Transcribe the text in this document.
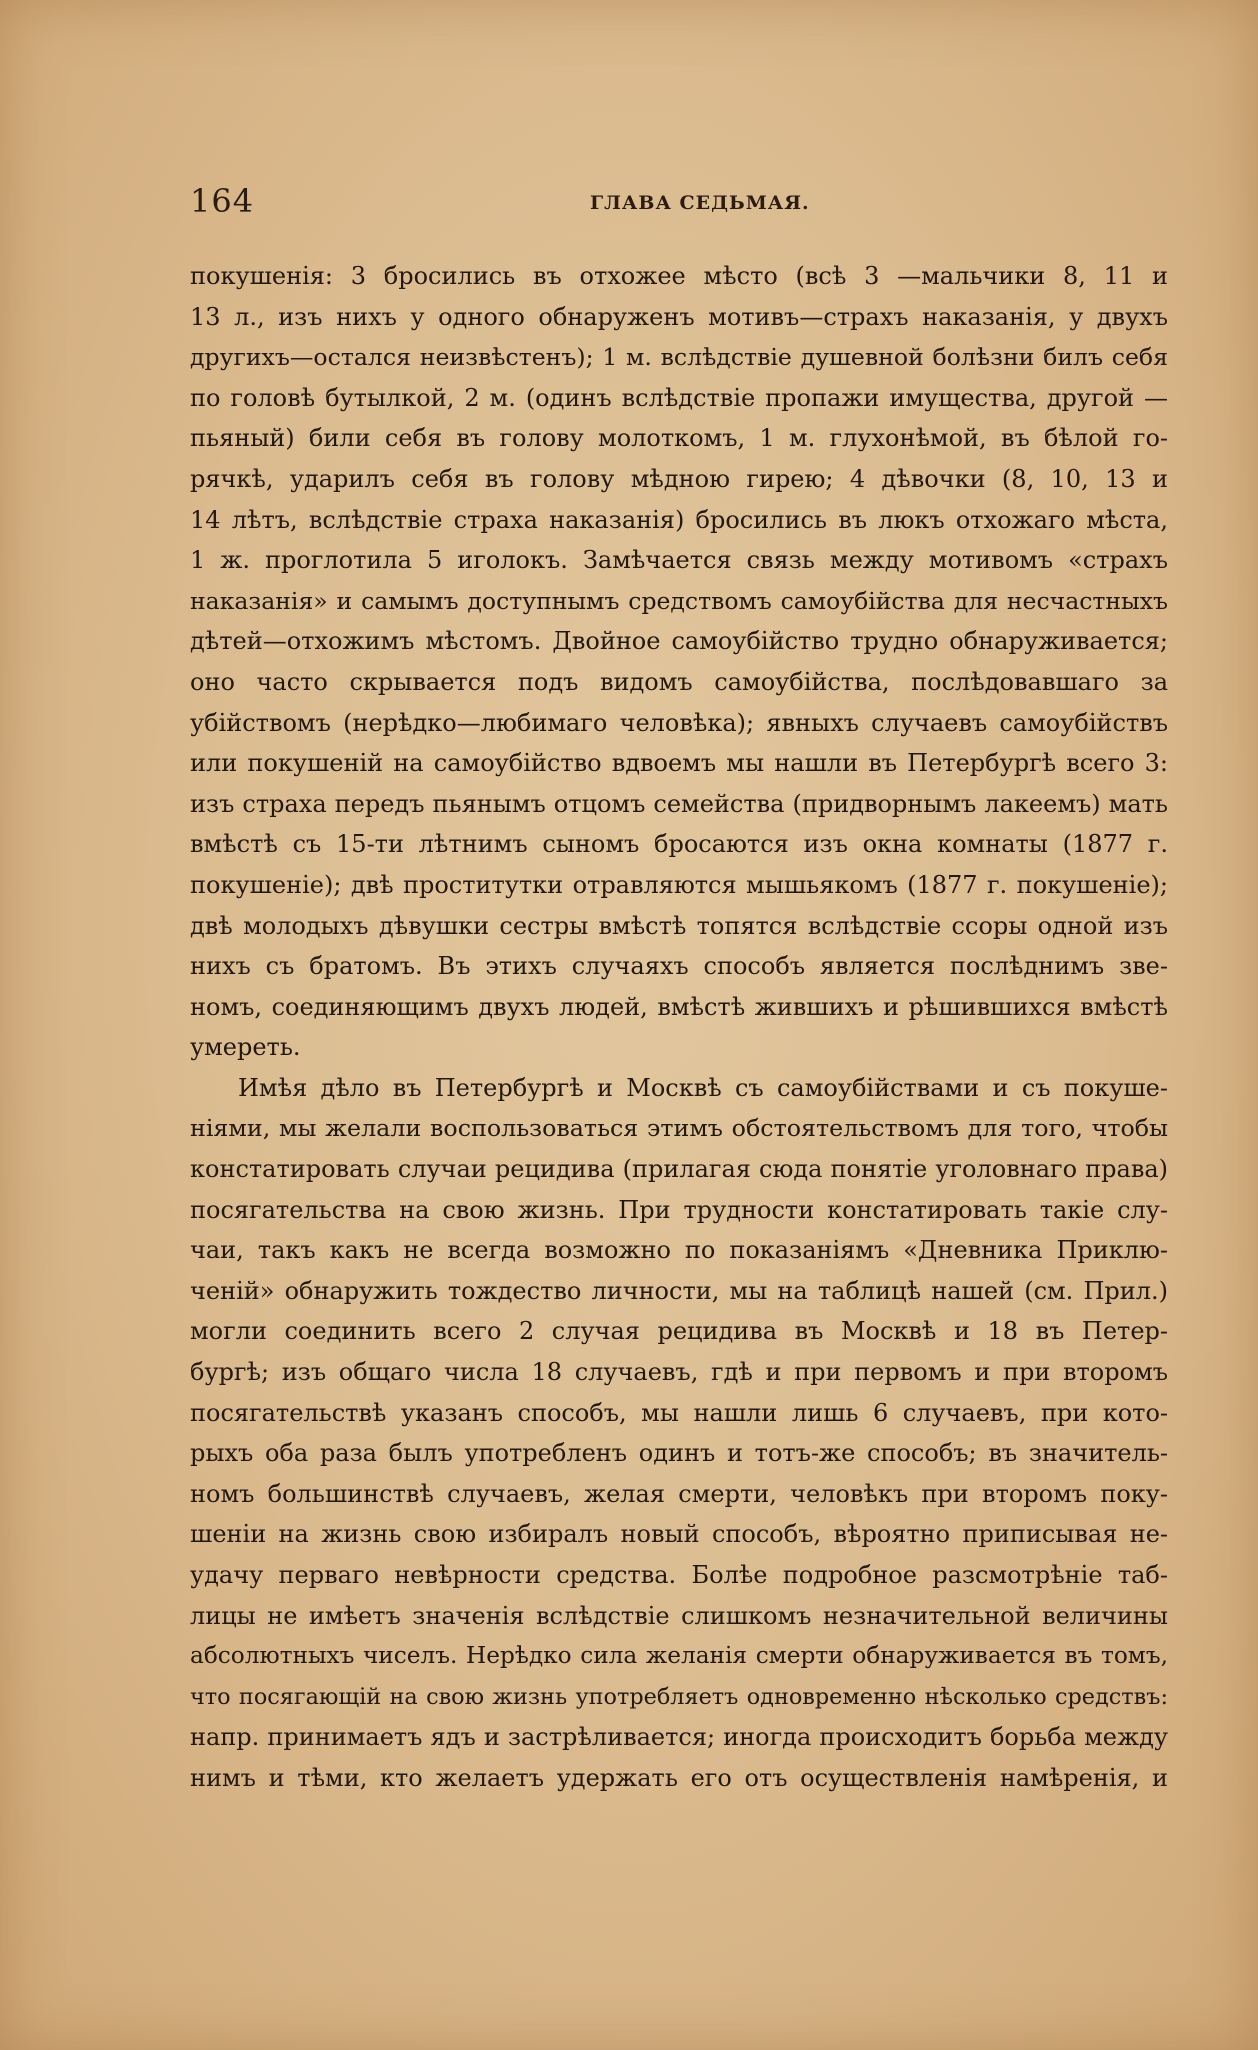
164	ГЛАВА СЕДЬМАЯ.
покушенія: 3 бросились въ отхожее мѣсто (всѣ 3 —мальчики 8, 11 и
13 л., изъ нихъ у одного обнаруженъ мотивъ—страхъ наказанія, у двухъ
другихъ—остался неизвѣстенъ); 1 м. вслѣдствіе душевной болѣзни билъ себя
по головѣ бутылкой, 2 м. (одинъ вслѣдствіе пропажи имущества, другой —
пьяный) били себя въ голову молоткомъ, 1 м. глухонѣмой, въ бѣлой го-
рячкѣ, ударилъ себя въ голову мѣдною гирею; 4 дѣвочки (8, 10, 13 и
14 лѣтъ, вслѣдствіе страха наказанія) бросились въ люкъ отхожаго мѣста,
1 ж. проглотила 5 иголокъ. Замѣчается связь между мотивомъ «страхъ
наказанія» и самымъ доступнымъ средствомъ самоубійства для несчастныхъ
дѣтей—отхожимъ мѣстомъ. Двойное самоубійство трудно обнаруживается;
оно часто скрывается подъ видомъ самоубійства, послѣдовавшаго за
убійствомъ (нерѣдко—любимаго человѣка); явныхъ случаевъ самоубійствъ
или покушеній на самоубійство вдвоемъ мы нашли въ Петербургѣ всего 3:
изъ страха передъ пьянымъ отцомъ семейства (придворнымъ лакеемъ) мать
вмѣстѣ съ 15-ти лѣтнимъ сыномъ бросаются изъ окна комнаты (1877 г.
покушеніе); двѣ проститутки отравляются мышьякомъ (1877 г. покушеніе);
двѣ молодыхъ дѣвушки сестры вмѣстѣ топятся вслѣдствіе ссоры одной изъ
нихъ съ братомъ. Въ этихъ случаяхъ способъ является послѣднимъ зве-
номъ, соединяющимъ двухъ людей, вмѣстѣ жившихъ и рѣшившихся вмѣстѣ
умереть.
Имѣя дѣло въ Петербургѣ и Москвѣ съ самоубійствами и съ покуше-
ніями, мы желали воспользоваться этимъ обстоятельствомъ для того, чтобы
констатировать случаи рецидива (прилагая сюда понятіе уголовнаго права)
посягательства на свою жизнь. При трудности констатировать такіе слу-
чаи, такъ какъ не всегда возможно по показаніямъ «Дневника Приклю-
ченій» обнаружить тождество личности, мы на таблицѣ нашей (см. Прил.)
могли соединить всего 2 случая рецидива въ Москвѣ и 18 въ Петер-
бургѣ; изъ общаго числа 18 случаевъ, гдѣ и при первомъ и при второмъ
посягательствѣ указанъ способъ, мы нашли лишь 6 случаевъ, при кото-
рыхъ оба раза былъ употребленъ одинъ и тотъ-же способъ; въ значитель-
номъ большинствѣ случаевъ, желая смерти, человѣкъ при второмъ поку-
шеніи на жизнь свою избиралъ новый способъ, вѣроятно приписывая не-
удачу перваго невѣрности средства. Болѣе подробное разсмотрѣніе таб-
лицы не имѣетъ значенія вслѣдствіе слишкомъ незначительной величины
абсолютныхъ чиселъ. Нерѣдко сила желанія смерти обнаруживается въ томъ,
что посягающій на свою жизнь употребляетъ одновременно нѣсколько средствъ:
напр. принимаетъ ядъ и застрѣливается; иногда происходитъ борьба между
нимъ и тѣми, кто желаетъ удержать его отъ осуществленія намѣренія, и
